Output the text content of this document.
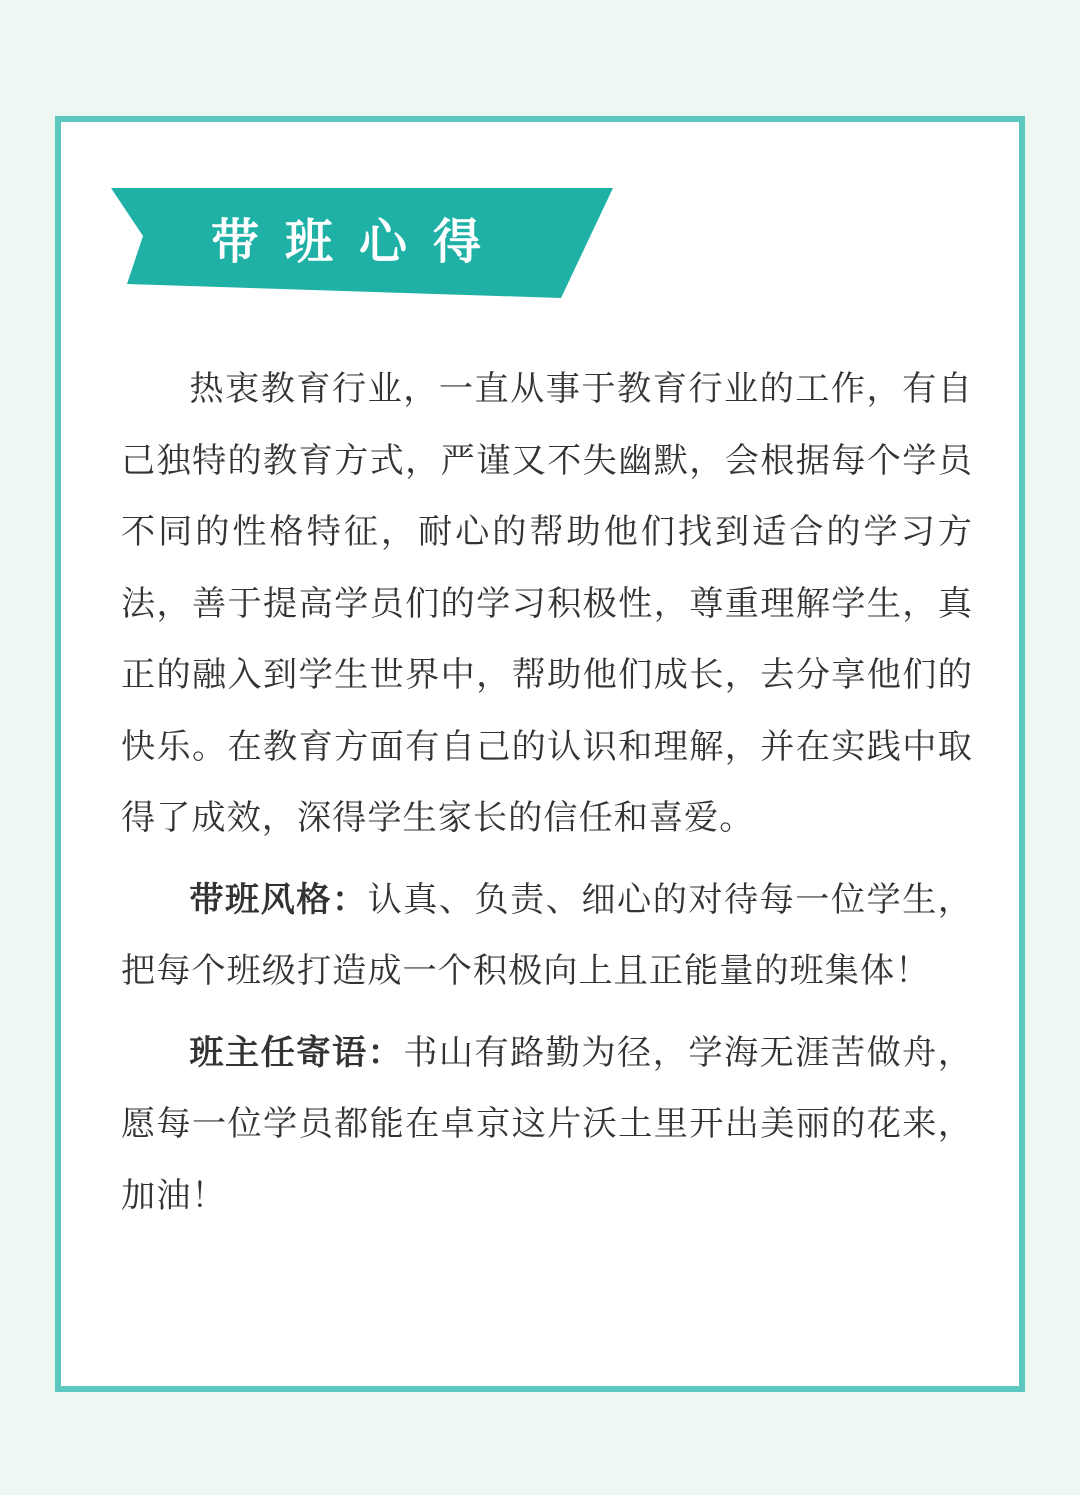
带班心得

热衷教育行业，一直从事于教育行业的工作，有自己独特的教育方式，严谨又不失幽默，会根据每个学员不同的性格特征，耐心的帮助他们找到适合的学习方法，善于提高学员们的学习积极性，尊重理解学生，真正的融入到学生世界中，帮助他们成长，去分享他们的快乐。在教育方面有自己的认识和理解，并在实践中取得了成效，深得学生家长的信任和喜爱。

带班风格：认真、负责、细心的对待每一位学生，把每个班级打造成一个积极向上且正能量的班集体！

班主任寄语：书山有路勤为径，学海无涯苦做舟，愿每一位学员都能在卓京这片沃土里开出美丽的花来，加油！
